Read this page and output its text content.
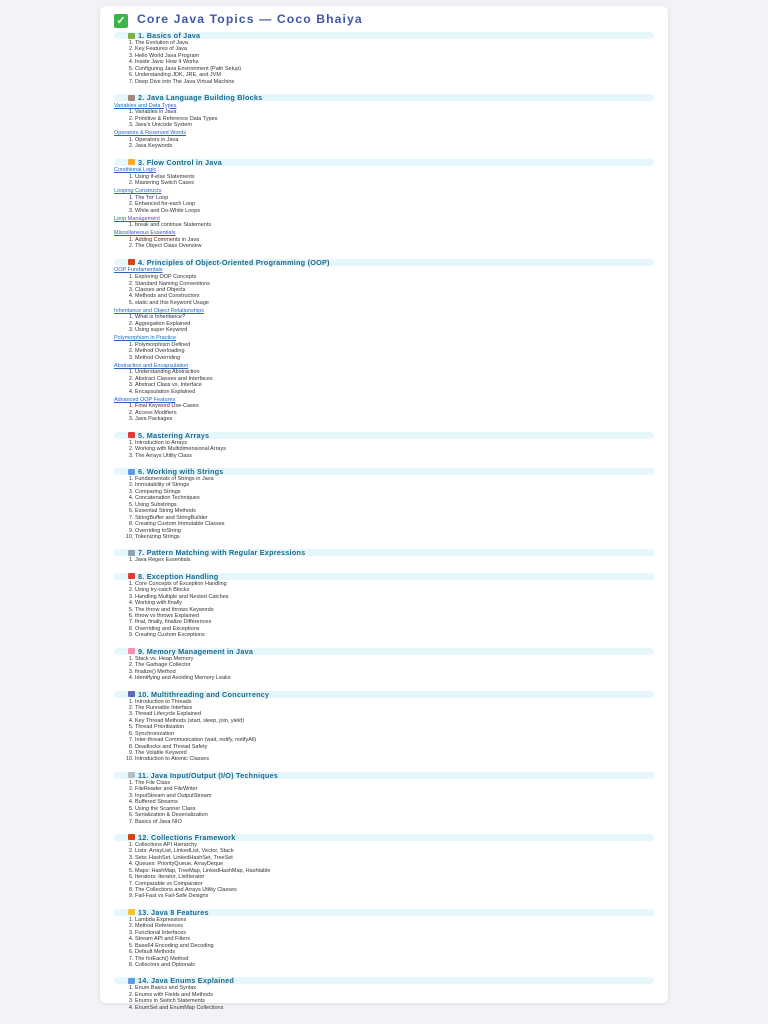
✓ Core Java Topics — Coco Bhaiya
1. Basics of Java
1. The Evolution of Java
2. Key Features of Java
3. Hello World Java Program
4. Inside Java: How It Works
5. Configuring Java Environment (Path Setup)
6. Understanding JDK, JRE, and JVM
7. Deep Dive into The Java Virtual Machine
2. Java Language Building Blocks
Variables and Data Types
1. Variables in Java
2. Primitive & Reference Data Types
3. Java's Unicode System
Operators & Reserved Words
1. Operators in Java
2. Java Keywords
3. Flow Control in Java
Conditional Logic
1. Using if-else Statements
2. Mastering Switch Cases
Looping Constructs
1. The 'for' Loop
2. Enhanced for-each Loop
3. While and Do-While Loops
Loop Management
1. break and continue Statements
Miscellaneous Essentials
1. Adding Comments in Java
2. The Object Class Overview
4. Principles of Object-Oriented Programming (OOP)
OOP Fundamentals
1. Exploring OOP Concepts
2. Standard Naming Conventions
3. Classes and Objects
4. Methods and Constructors
5. static and this Keyword Usage
Inheritance and Object Relationships
1. What is Inheritance?
2. Aggregation Explained
3. Using super Keyword
Polymorphism in Practice
1. Polymorphism Defined
2. Method Overloading
3. Method Overriding
Abstraction and Encapsulation
1. Understanding Abstraction
2. Abstract Classes and Interfaces
3. Abstract Class vs. Interface
4. Encapsulation Explained
Advanced OOP Features
1. Final Keyword Use-Cases
2. Access Modifiers
3. Java Packages
5. Mastering Arrays
1. Introduction to Arrays
2. Working with Multidimensional Arrays
3. The Arrays Utility Class
6. Working with Strings
1. Fundamentals of Strings in Java
2. Immutability of Strings
3. Comparing Strings
4. Concatenation Techniques
5. Using Substrings
6. Essential String Methods
7. StringBuffer and StringBuilder
8. Creating Custom Immutable Classes
9. Overriding toString
10. Tokenizing Strings
7. Pattern Matching with Regular Expressions
1. Java Regex Essentials
8. Exception Handling
1. Core Concepts of Exception Handling
2. Using try-catch Blocks
3. Handling Multiple and Nested Catches
4. Working with finally
5. The throw and throws Keywords
6. throw vs throws Explained
7. final, finally, finalize Differences
8. Overriding and Exceptions
9. Creating Custom Exceptions
9. Memory Management in Java
1. Stack vs. Heap Memory
2. The Garbage Collector
3. finalize() Method
4. Identifying and Avoiding Memory Leaks
10. Multithreading and Concurrency
1. Introduction to Threads
2. The Runnable Interface
3. Thread Lifecycle Explained
4. Key Thread Methods (start, sleep, join, yield)
5. Thread Prioritization
6. Synchronization
7. Inter-thread Communication (wait, notify, notifyAll)
8. Deadlocks and Thread Safety
9. The Volatile Keyword
10. Introduction to Atomic Classes
11. Java Input/Output (I/O) Techniques
1. The File Class
2. FileReader and FileWriter
3. InputStream and OutputStream
4. Buffered Streams
5. Using the Scanner Class
6. Serialization & Deserialization
7. Basics of Java NIO
12. Collections Framework
1. Collections API Hierarchy
2. Lists: ArrayList, LinkedList, Vector, Stack
3. Sets: HashSet, LinkedHashSet, TreeSet
4. Queues: PriorityQueue, ArrayDeque
5. Maps: HashMap, TreeMap, LinkedHashMap, Hashtable
6. Iterators: Iterator, ListIterator
7. Comparable vs Comparator
8. The Collections and Arrays Utility Classes
9. Fail-Fast vs Fail-Safe Designs
13. Java 8 Features
1. Lambda Expressions
2. Method References
3. Functional Interfaces
4. Stream API and Filters
5. Base64 Encoding and Decoding
6. Default Methods
7. The forEach() Method
8. Collectors and Optionals
14. Java Enums Explained
1. Enum Basics and Syntax
2. Enums with Fields and Methods
3. Enums in Switch Statements
4. EnumSet and EnumMap Collections
